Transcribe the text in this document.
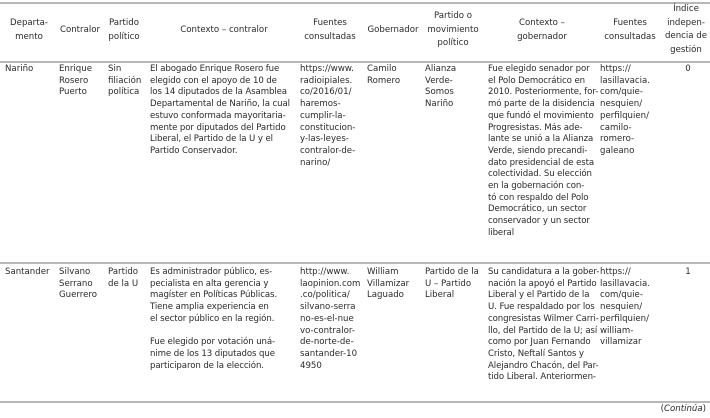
Departa-
mento
Contralor
Partido
político
Contexto – contralor
Fuentes
consultadas
Gobernador
Partido o
movimiento
político
Contexto –
gobernador
Fuentes
consultadas
Índice
indepen-
dencia de
gestión
Nariño	Enrique
Rosero
Puerto
Sin
filiación
política
El abogado Enrique Rosero fue
elegido con el apoyo de 10 de
los 14 diputados de la Asamblea
Departamental de Nariño, la cual
estuvo conformada mayoritaria-
mente por diputados del Partido
Liberal, el Partido de la U y el
Partido Conservador.
https://www.
radioipiales.
co/2016/01/
haremos-
cumplir-la-
constitucion-
y-las-leyes-
contralor-de-
narino/
Camilo
Romero
Alianza
Verde-
Somos
Nariño
Fue elegido senador por
el Polo Democrático en
2010. Posteriormente, for-
mó parte de la disidencia
que fundó el movimiento
Progresistas. Más ade-
lante se unió a la Alianza
Verde, siendo precandi-
dato presidencial de esta
colectividad. Su elección
en la gobernación con-
tó con respaldo del Polo
Democrático, un sector
conservador y un sector
liberal
https://
lasillavacia.
com/quie-
nesquien/
perfilquien/
camilo-
romero-
galeano
0
Santander Silvano
Serrano
Guerrero
Partido
de la U
Es administrador público, es-
pecialista en alta gerencia y
magíster en Políticas Públicas.
Tiene amplia experiencia en
el sector público en la región.

Fue elegido por votación uná-
nime de los 13 diputados que
participaron de la elección.
http://www.
laopinion.com
.co/politica/
silvano-serra
no-es-el-nue
vo-contralor-
de-norte-de-
santander-10
4950
William
Villamizar
Laguado
Partido de la
U – Partido
Liberal
Su candidatura a la gober-
nación la apoyó el Partido
Liberal y el Partido de la
U. Fue respaldado por los
congresistas Wilmer Carri-
llo, del Partido de la U; así
como por Juan Fernando
Cristo, Neftalí Santos y
Alejandro Chacón, del Par-
tido Liberal. Anteriormen-
https://
lasillavacia.
com/quie-
nesquien/
perfilquien/
william-
villamizar
1
(Continúa)
